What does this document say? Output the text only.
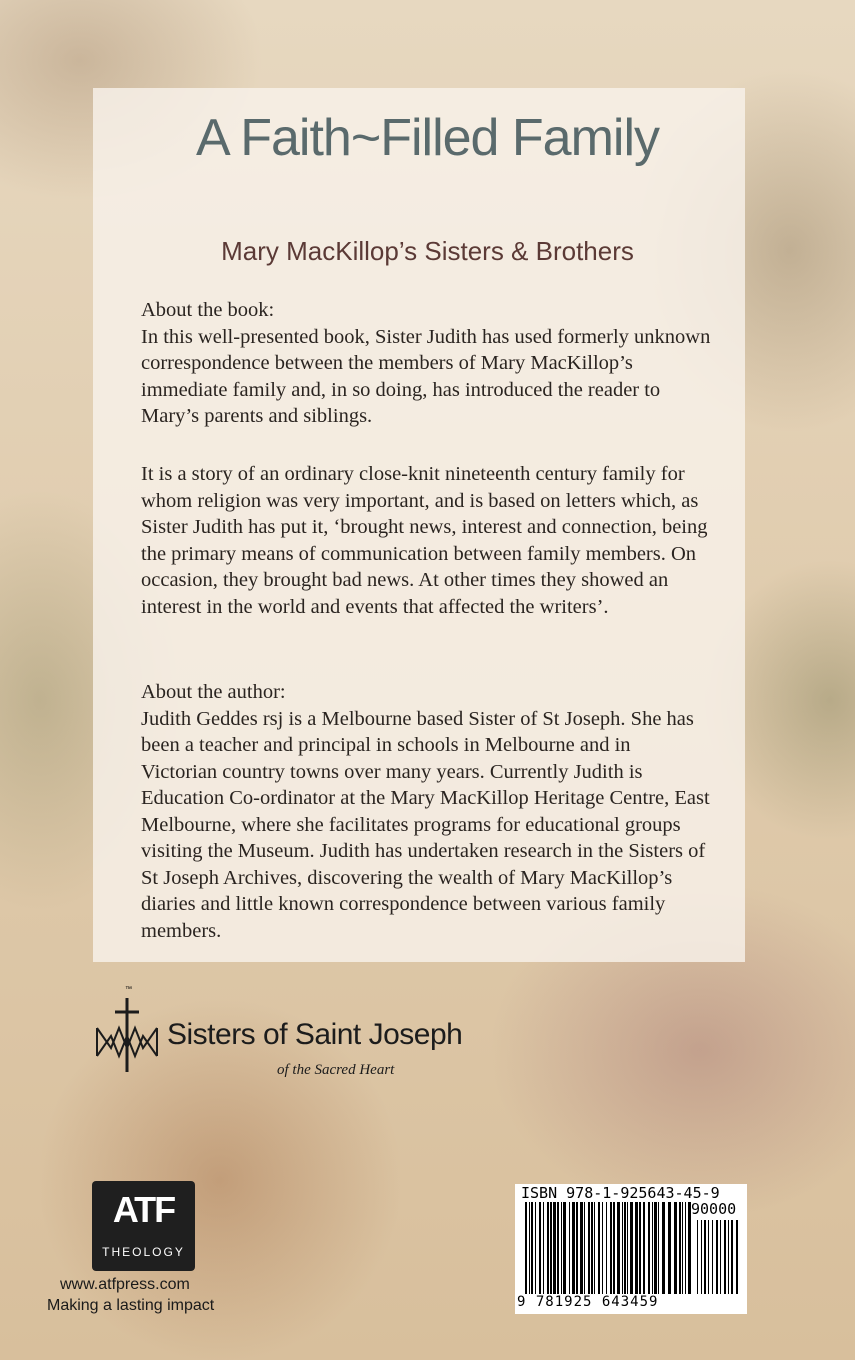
A Faith~Filled Family
Mary MacKillop’s Sisters & Brothers

About the book:

In this well-presented book, Sister Judith has used formerly unknown correspondence between the members of Mary MacKillop’s immediate family and, in so doing, has introduced the reader to Mary’s parents and siblings.

It is a story of an ordinary close-knit nineteenth century family for whom religion was very important, and is based on letters which, as Sister Judith has put it, ‘brought news, interest and connection, being the primary means of communication between family members. On occasion, they brought bad news. At other times they showed an interest in the world and events that affected the writers’.

About the author:

Judith Geddes rsj is a Melbourne based Sister of St Joseph. She has been a teacher and principal in schools in Melbourne and in Victorian country towns over many years. Currently Judith is Education Co-ordinator at the Mary MacKillop Heritage Centre, East Melbourne, where she facilitates programs for educational groups visiting the Museum. Judith has undertaken research in the Sisters of St Joseph Archives, discovering the wealth of Mary MacKillop’s diaries and little known correspondence between various family members.

™
Sisters of Saint Joseph
of the Sacred Heart
ATF
THEOLOGY
www.atfpress.com
Making a lasting impact
ISBN 978-1-925643-45-9
90000
9 781925 643459
